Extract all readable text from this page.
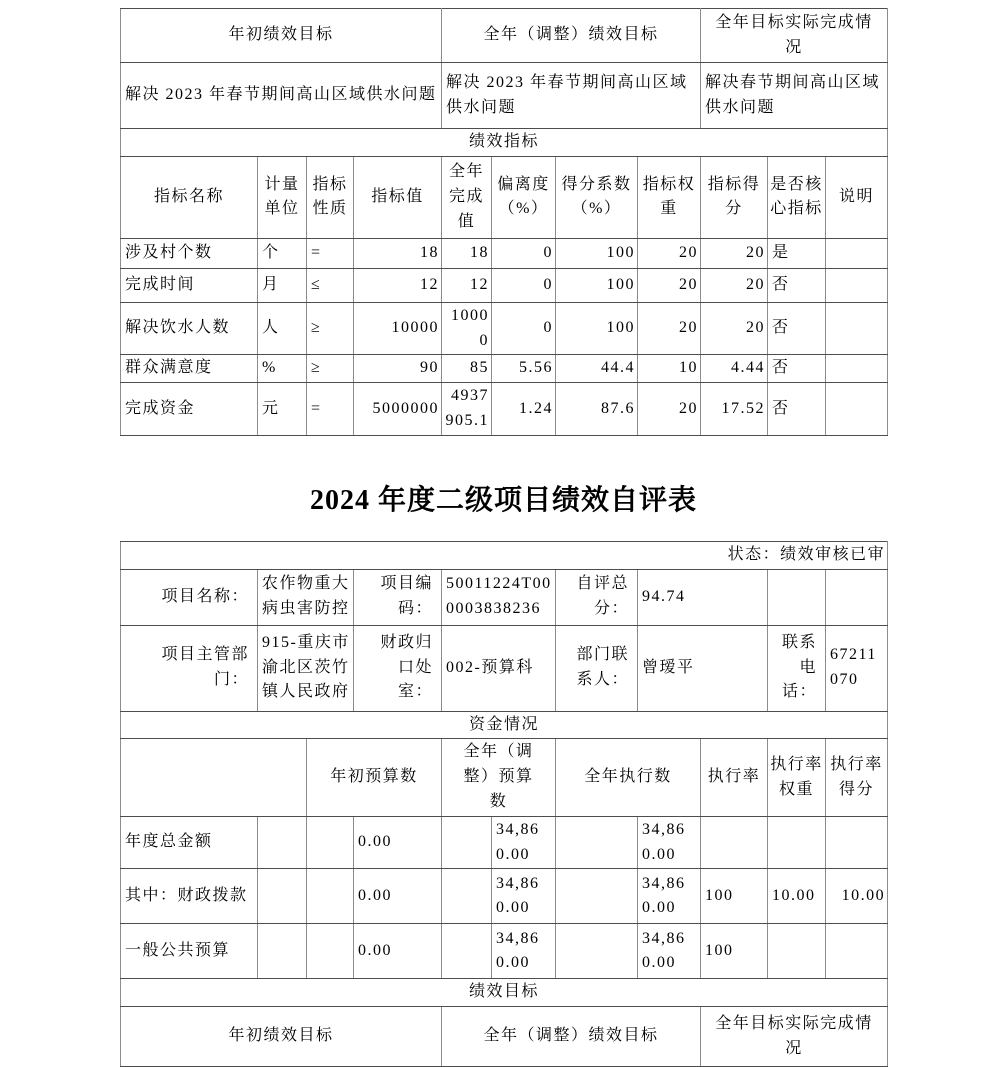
年初绩效目标				全年（调整）绩效目标				全年目标实际完成情况		
解决 2023 年春节期间高山区域供水问题				解决 2023 年春节期间高山区域供水问题				解决春节期间高山区域供水问题		
绩效指标										
指标名称	计量单位	指标性质	指标值	全年完成值	偏离度（%）	得分系数（%）	指标权重	指标得分	是否核心指标	说明
涉及村个数	个	=	18	18	0	100	20	20	是	
完成时间	月	≤	12	12	0	100	20	20	否	
解决饮水人数	人	≥	10000	10000	0	100	20	20	否	
群众满意度	%	≥	90	85	5.56	44.4	10	4.44	否	
完成资金	元	=	5000000	4937905.1	1.24	87.6	20	17.52	否	
2024 年度二级项目绩效自评表
状态：绩效审核已审										
项目名称：	农作物重大病虫害防控		项目编码：	50011224T000003838236		自评总分：	94.74			
项目主管部门：	915-重庆市渝北区茨竹镇人民政府		财政归口处室：	002-预算科		部门联系人：	曾瑷平		联系电话：	67211070
资金情况										
		年初预算数		全年（调整）预算数		全年执行数		执行率	执行率权重	执行率得分
年度总金额			0.00		34,860.00		34,860.00			
其中：财政拨款			0.00		34,860.00		34,860.00	100	10.00	10.00
一般公共预算			0.00		34,860.00		34,860.00	100		
绩效目标										
年初绩效目标				全年（调整）绩效目标				全年目标实际完成情况		
